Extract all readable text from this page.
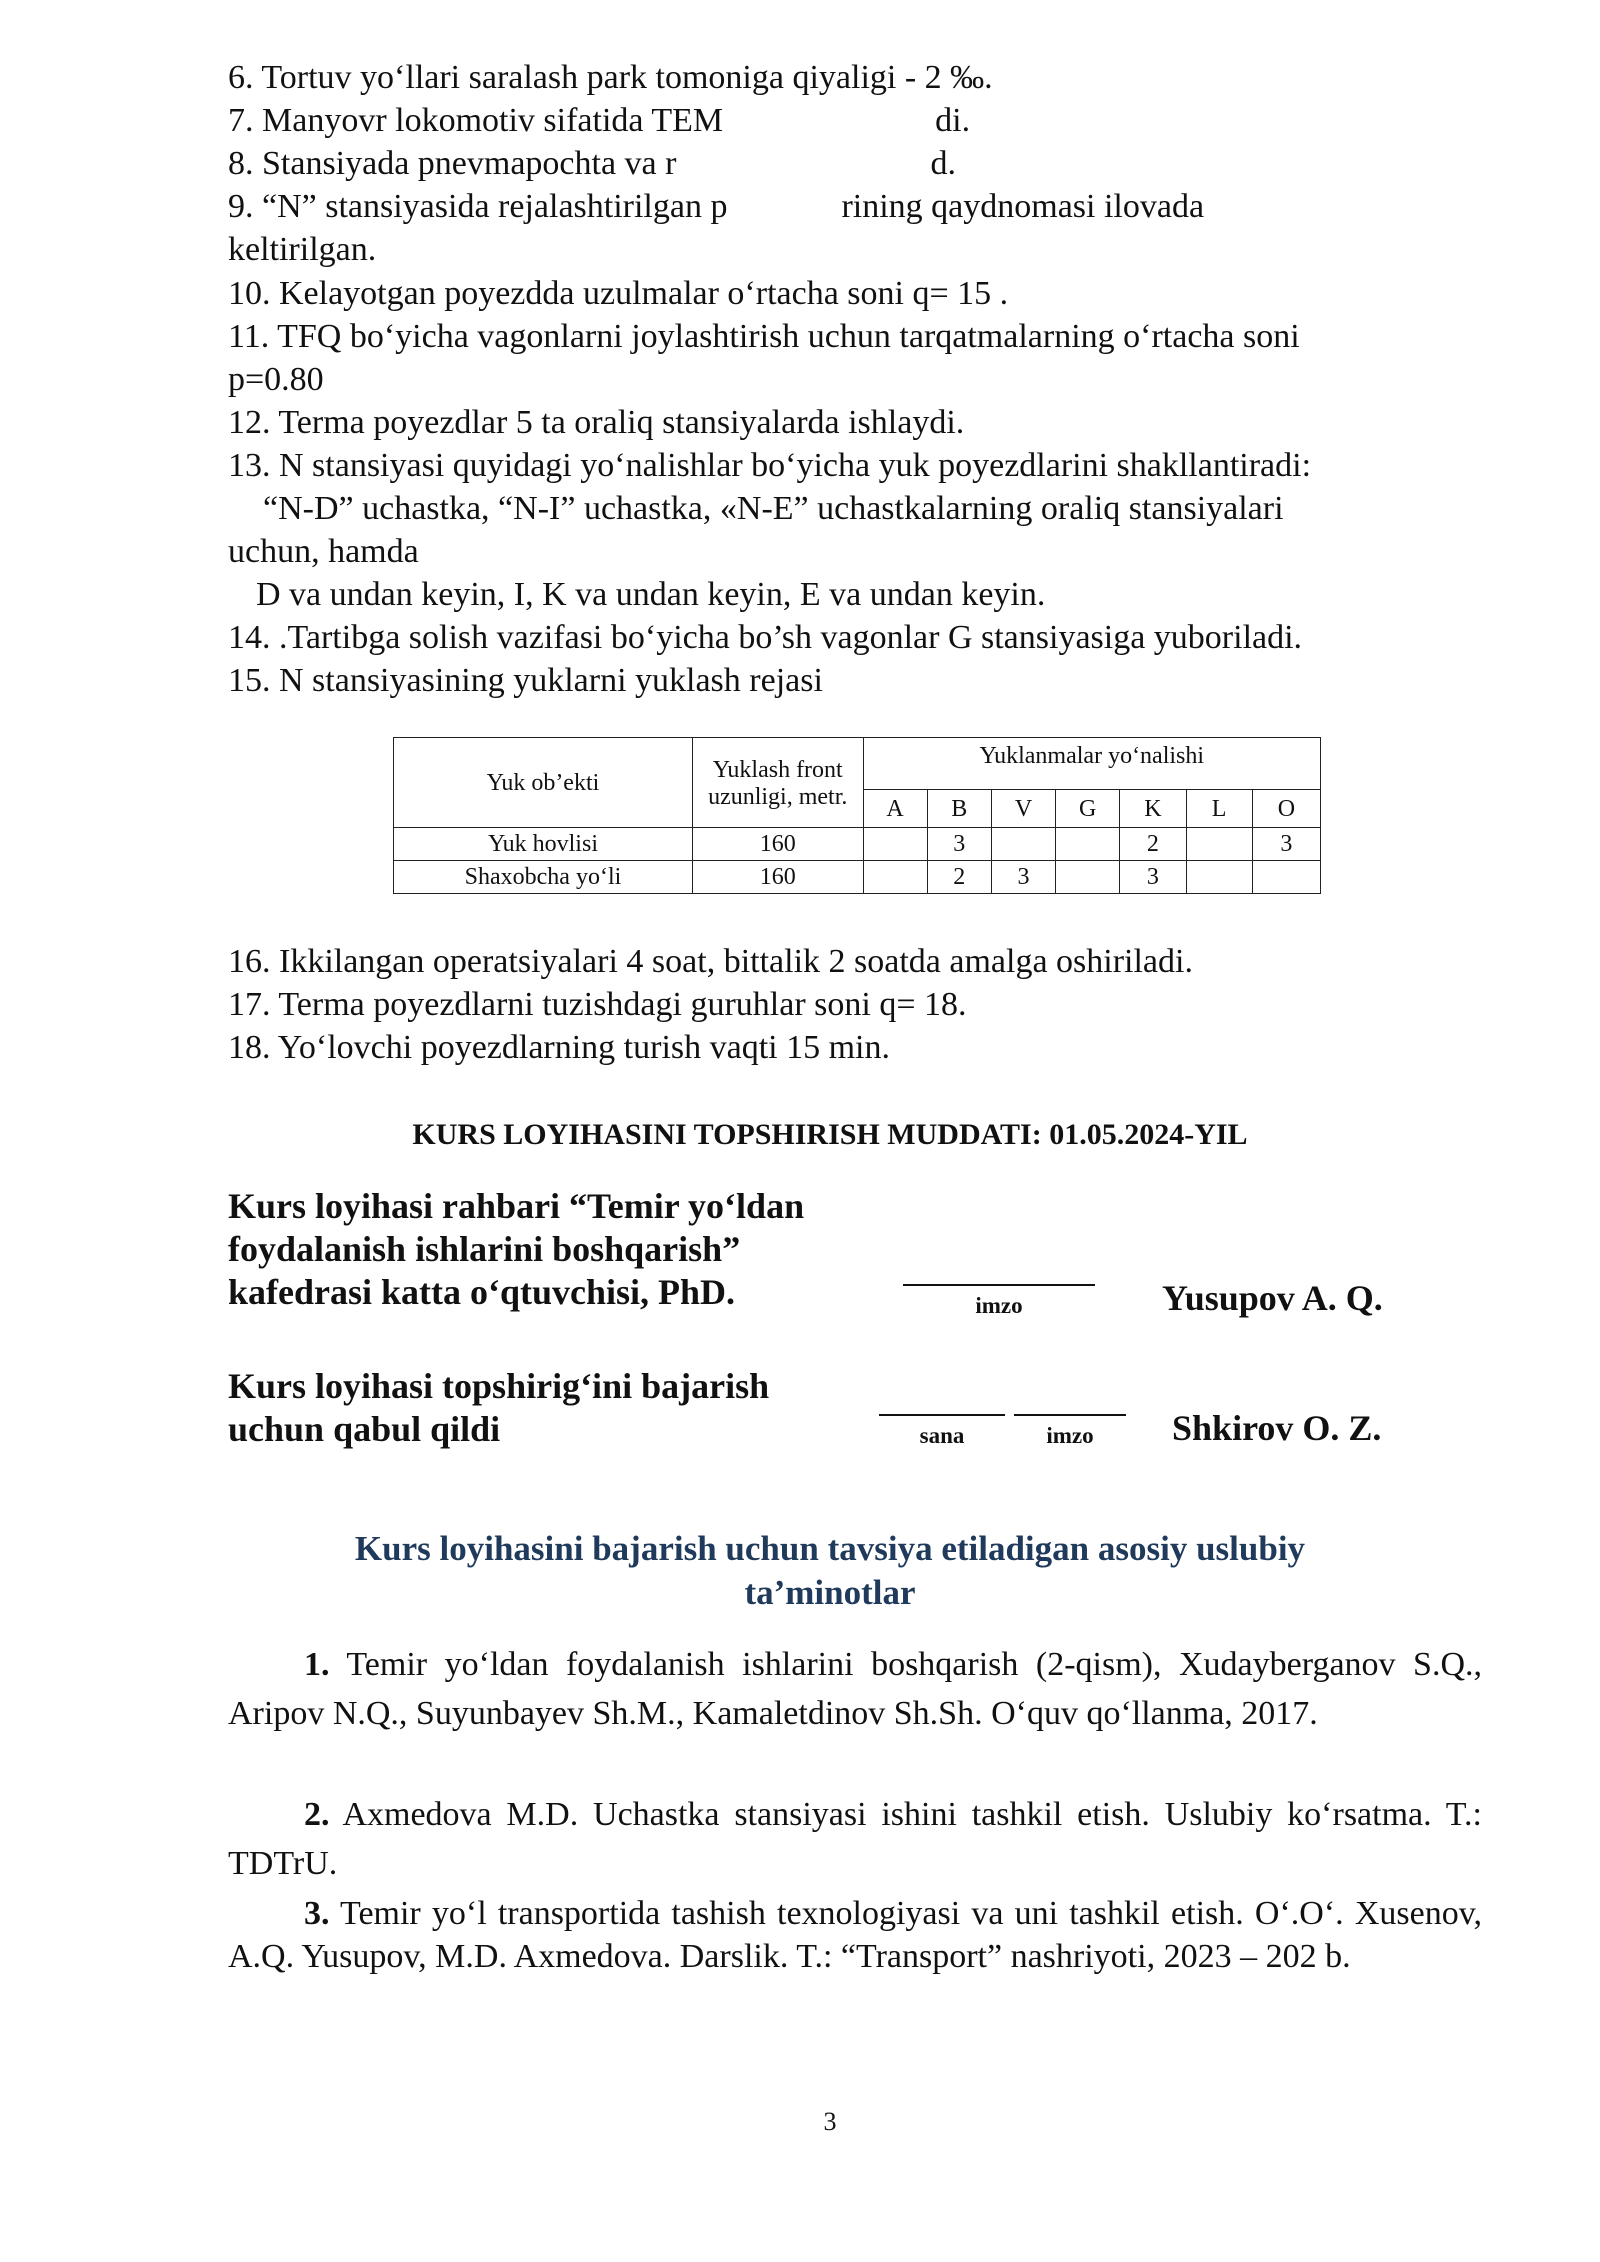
6. Tortuv yo‘llari saralash park tomoniga qiyaligi - 2 ‰.
7. Manyovr lokomotiv sifatida TEM	di.
8. Stansiyada pnevmapochta va r	d.
9. “N” stansiyasida rejalashtirilgan p	rining qaydnomasi ilovada
keltirilgan.
10. Kelayotgan poyezdda uzulmalar o‘rtacha soni q= 15 .
11. TFQ bo‘yicha vagonlarni joylashtirish uchun tarqatmalarning o‘rtacha soni
p=0.80
12. Terma poyezdlar 5 ta oraliq stansiyalarda ishlaydi.
13. N stansiyasi quyidagi yo‘nalishlar bo‘yicha yuk poyezdlarini shakllantiradi:
“N-D” uchastka, “N-I” uchastka, «N-E” uchastkalarning oraliq stansiyalari
uchun, hamda
D va undan keyin, I, K va undan keyin, E va undan keyin.
14. .Tartibga solish vazifasi bo‘yicha bo’sh vagonlar G stansiyasiga yuboriladi.
15. N stansiyasining yuklarni yuklash rejasi
Yuk ob’ekti	Yuklash front uzunligi, metr.	Yuklanmalar yo‘nalishi						
		A	B	V	G	K	L	O
Yuk hovlisi	160		3			2		3
Shaxobcha yo‘li	160		2	3		3		
16. Ikkilangan operatsiyalari 4 soat, bittalik 2 soatda amalga oshiriladi.
17. Terma poyezdlarni tuzishdagi guruhlar soni q= 18.
18. Yo‘lovchi poyezdlarning turish vaqti 15 min.
KURS LOYIHASINI TOPSHIRISH MUDDATI: 01.05.2024-YIL
Kurs loyihasi rahbari “Temir yo‘ldan
foydalanish ishlarini boshqarish”
kafedrasi katta o‘qtuvchisi, PhD.	imzo	Yusupov A. Q.
Kurs loyihasi topshirig‘ini bajarish
uchun qabul qildi	sana	imzo	Shkirov O. Z.
Kurs loyihasini bajarish uchun tavsiya etiladigan asosiy uslubiy
ta’minotlar
1. Temir yo‘ldan foydalanish ishlarini boshqarish (2-qism), Xudayberganov S.Q., Aripov N.Q., Suyunbayev Sh.M., Kamaletdinov Sh.Sh. O‘quv qo‘llanma, 2017.
2. Axmedova M.D. Uchastka stansiyasi ishini tashkil etish. Uslubiy ko‘rsatma. T.: TDTrU.
3. Temir yo‘l transportida tashish texnologiyasi va uni tashkil etish. O‘.O‘. Xusenov, A.Q. Yusupov, M.D. Axmedova. Darslik. T.: “Transport” nashriyoti, 2023 – 202 b.
3
